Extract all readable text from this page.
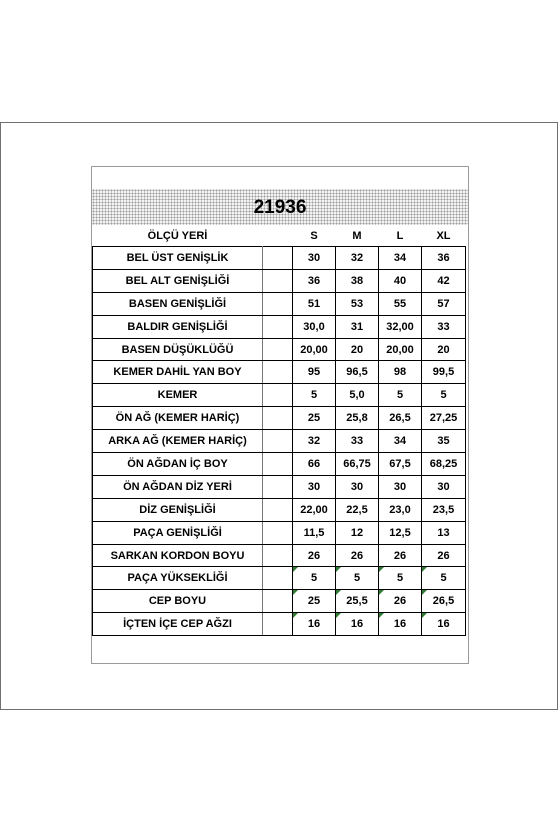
21936
ÖLÇÜ YERİ		S	M	L	XL
BEL ÜST GENİŞLİK		30	32	34	36
BEL ALT GENİŞLİĞİ		36	38	40	42
BASEN GENİŞLİĞİ		51	53	55	57
BALDIR GENİŞLİĞİ		30,0	31	32,00	33
BASEN DÜŞÜKLÜĞÜ		20,00	20	20,00	20
KEMER DAHİL YAN BOY		95	96,5	98	99,5
KEMER		5	5,0	5	5
ÖN AĞ (KEMER HARİÇ)		25	25,8	26,5	27,25
ARKA AĞ (KEMER HARİÇ)		32	33	34	35
ÖN AĞDAN İÇ BOY		66	66,75	67,5	68,25
ÖN AĞDAN DİZ YERİ		30	30	30	30
DİZ GENİŞLİĞİ		22,00	22,5	23,0	23,5
PAÇA GENİŞLİĞİ		11,5	12	12,5	13
SARKAN KORDON BOYU		26	26	26	26
PAÇA YÜKSEKLİĞİ		5	5	5	5
CEP BOYU		25	25,5	26	26,5
İÇTEN İÇE CEP AĞZI		16	16	16	16
